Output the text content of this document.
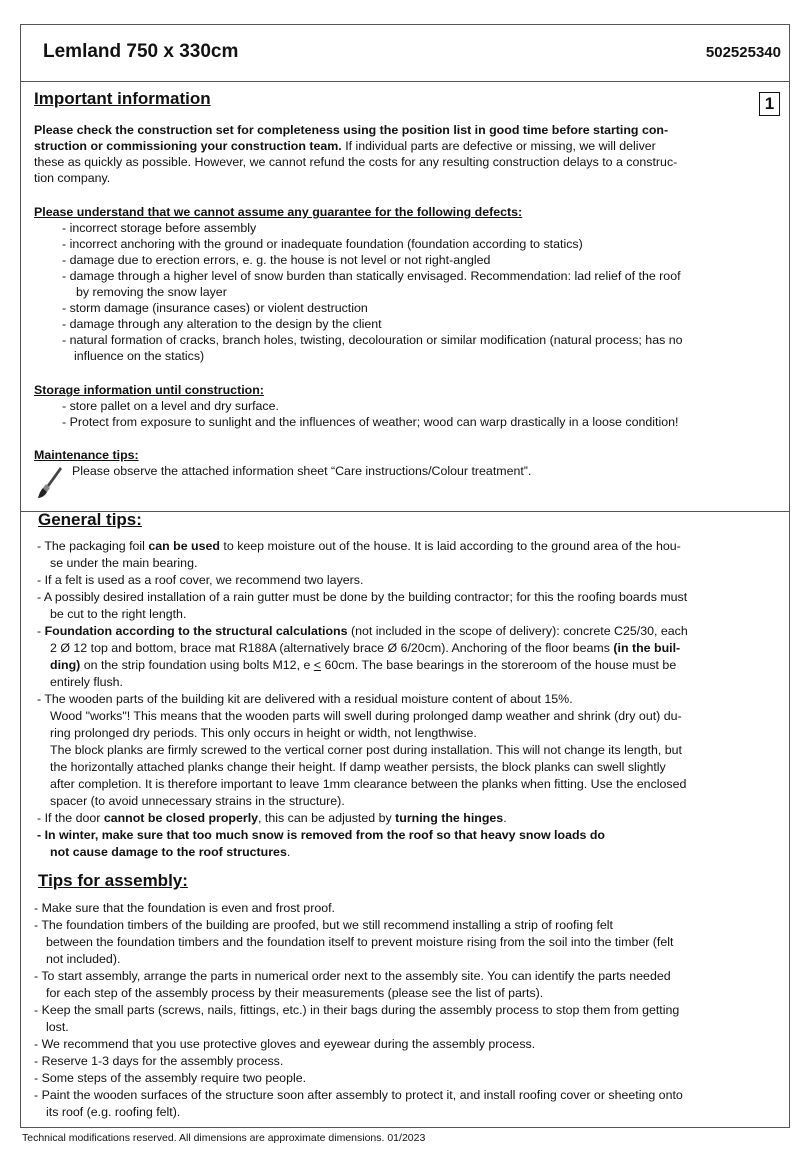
Lemland 750 x 330cm	502525340
Important information	1
Please check the construction set for completeness using the position list in good time before starting con-
struction or commissioning your construction team. If individual parts are defective or missing, we will deliver
these as quickly as possible. However, we cannot refund the costs for any resulting construction delays to a construc-
tion company.
Please understand that we cannot assume any guarantee for the following defects:
- incorrect storage before assembly
- incorrect anchoring with the ground or inadequate foundation (foundation according to statics)
- damage due to erection errors, e. g. the house is not level or not right-angled
- damage through a higher level of snow burden than statically envisaged. Recommendation: lad relief of the roof
by removing the snow layer
- storm damage (insurance cases) or violent destruction
- damage through any alteration to the design by the client
- natural formation of cracks, branch holes, twisting, decolouration or similar modification (natural process; has no
influence on the statics)
Storage information until construction:
- store pallet on a level and dry surface.
- Protect from exposure to sunlight and the influences of weather; wood can warp drastically in a loose condition!
Maintenance tips:
Please observe the attached information sheet “Care instructions/Colour treatment”.
General tips:
- The packaging foil can be used to keep moisture out of the house. It is laid according to the ground area of the hou-
se under the main bearing.
- If a felt is used as a roof cover, we recommend two layers.
- A possibly desired installation of a rain gutter must be done by the building contractor; for this the roofing boards must
be cut to the right length.
- Foundation according to the structural calculations (not included in the scope of delivery): concrete C25/30, each
2 Ø 12 top and bottom, brace mat R188A (alternatively brace Ø 6/20cm). Anchoring of the floor beams (in the buil-
ding) on the strip foundation using bolts M12, e < 60cm. The base bearings in the storeroom of the house must be
entirely flush.
- The wooden parts of the building kit are delivered with a residual moisture content of about 15%.
Wood "works"! This means that the wooden parts will swell during prolonged damp weather and shrink (dry out) du-
ring prolonged dry periods. This only occurs in height or width, not lengthwise.
The block planks are firmly screwed to the vertical corner post during installation. This will not change its length, but
the horizontally attached planks change their height. If damp weather persists, the block planks can swell slightly
after completion. It is therefore important to leave 1mm clearance between the planks when fitting. Use the enclosed
spacer (to avoid unnecessary strains in the structure).
- If the door cannot be closed properly, this can be adjusted by turning the hinges.
- In winter, make sure that too much snow is removed from the roof so that heavy snow loads do
not cause damage to the roof structures.
Tips for assembly:
- Make sure that the foundation is even and frost proof.
- The foundation timbers of the building are proofed, but we still recommend installing a strip of roofing felt
between the foundation timbers and the foundation itself to prevent moisture rising from the soil into the timber (felt
not included).
- To start assembly, arrange the parts in numerical order next to the assembly site. You can identify the parts needed
for each step of the assembly process by their measurements (please see the list of parts).
- Keep the small parts (screws, nails, fittings, etc.) in their bags during the assembly process to stop them from getting
lost.
- We recommend that you use protective gloves and eyewear during the assembly process.
- Reserve 1-3 days for the assembly process.
- Some steps of the assembly require two people.
- Paint the wooden surfaces of the structure soon after assembly to protect it, and install roofing cover or sheeting onto
its roof (e.g. roofing felt).
Technical modifications reserved. All dimensions are approximate dimensions. 01/2023
